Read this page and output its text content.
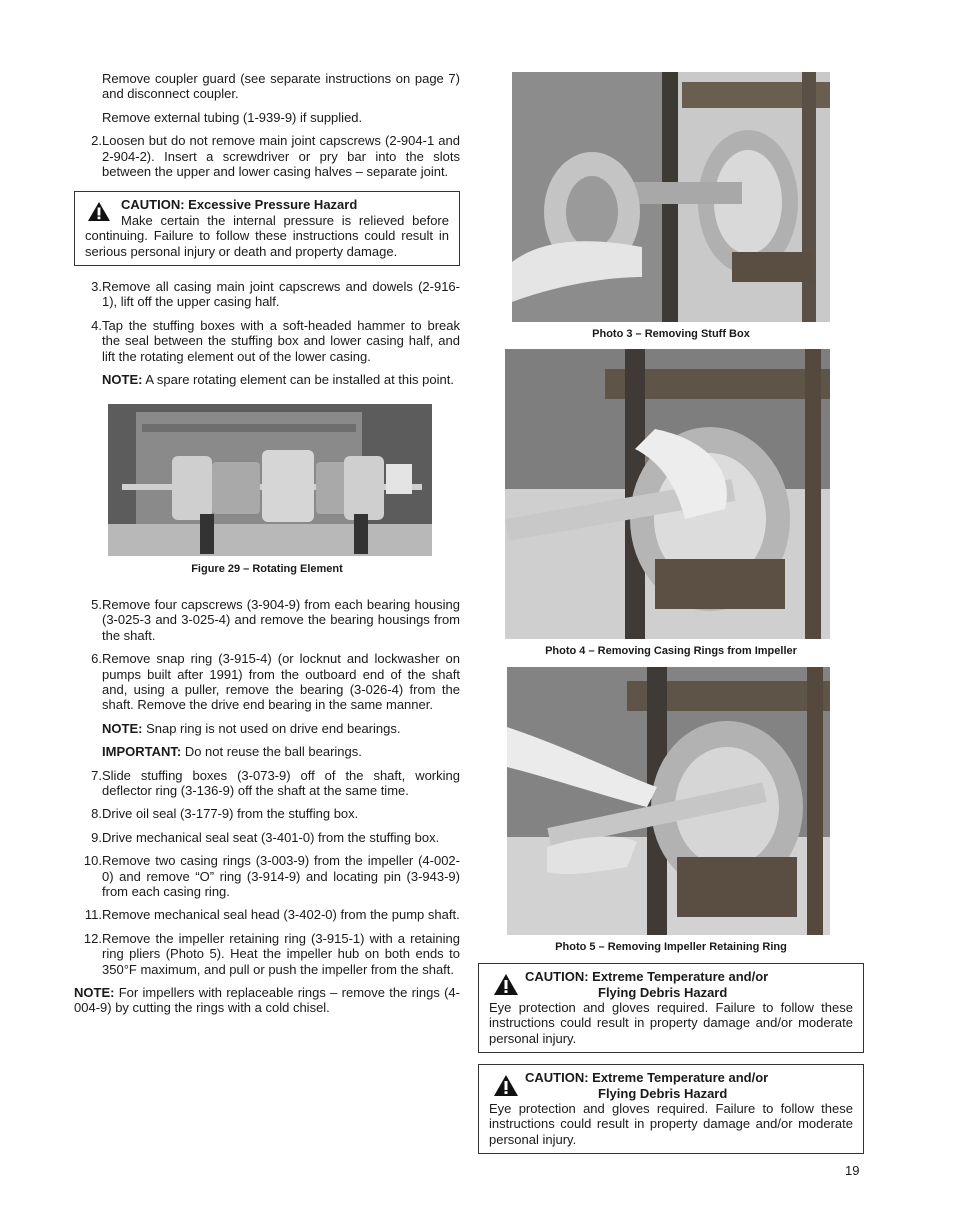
Remove coupler guard (see separate instructions on page 7) and disconnect coupler.

Remove external tubing (1-939-9) if supplied.

2. Loosen but do not remove main joint capscrews (2-904-1 and 2-904-2). Insert a screwdriver or pry bar into the slots between the upper and lower casing halves – separate joint.
CAUTION: Excessive Pressure Hazard
Make certain the internal pressure is relieved before continuing. Failure to follow these instructions could result in serious personal injury or death and property damage.
3. Remove all casing main joint capscrews and dowels (2-916-1), lift off the upper casing half.
4. Tap the stuffing boxes with a soft-headed hammer to break the seal between the stuffing box and lower casing half, and lift the rotating element out of the lower casing.

NOTE: A spare rotating element can be installed at this point.

Figure 29 – Rotating Element

5. Remove four capscrews (3-904-9) from each bearing housing (3-025-3 and 3-025-4) and remove the bearing housings from the shaft.
6. Remove snap ring (3-915-4) (or locknut and lockwasher on pumps built after 1991) from the outboard end of the shaft and, using a puller, remove the bearing (3-026-4) from the shaft. Remove the drive end bearing in the same manner.

NOTE: Snap ring is not used on drive end bearings.

IMPORTANT: Do not reuse the ball bearings.

7. Slide stuffing boxes (3-073-9) off of the shaft, working deflector ring (3-136-9) off the shaft at the same time.
8. Drive oil seal (3-177-9) from the stuffing box.
9. Drive mechanical seal seat (3-401-0) from the stuffing box.
10. Remove two casing rings (3-003-9) from the impeller (4-002-0) and remove “O” ring (3-914-9) and locating pin (3-943-9) from each casing ring.
11. Remove mechanical seal head (3-402-0) from the pump shaft.
12. Remove the impeller retaining ring (3-915-1) with a retaining ring pliers (Photo 5). Heat the impeller hub on both ends to 350°F maximum, and pull or push the impeller from the shaft.

NOTE: For impellers with replaceable rings – remove the rings (4-004-9) by cutting the rings with a cold chisel.

Photo 3 – Removing Stuff Box

Photo 4 – Removing Casing Rings from Impeller

Photo 5 – Removing Impeller Retaining Ring

CAUTION: Extreme Temperature and/or
Flying Debris Hazard
Eye protection and gloves required. Failure to follow these instructions could result in property damage and/or moderate personal injury.
CAUTION: Extreme Temperature and/or
Flying Debris Hazard
Eye protection and gloves required. Failure to follow these instructions could result in property damage and/or moderate personal injury.
19
